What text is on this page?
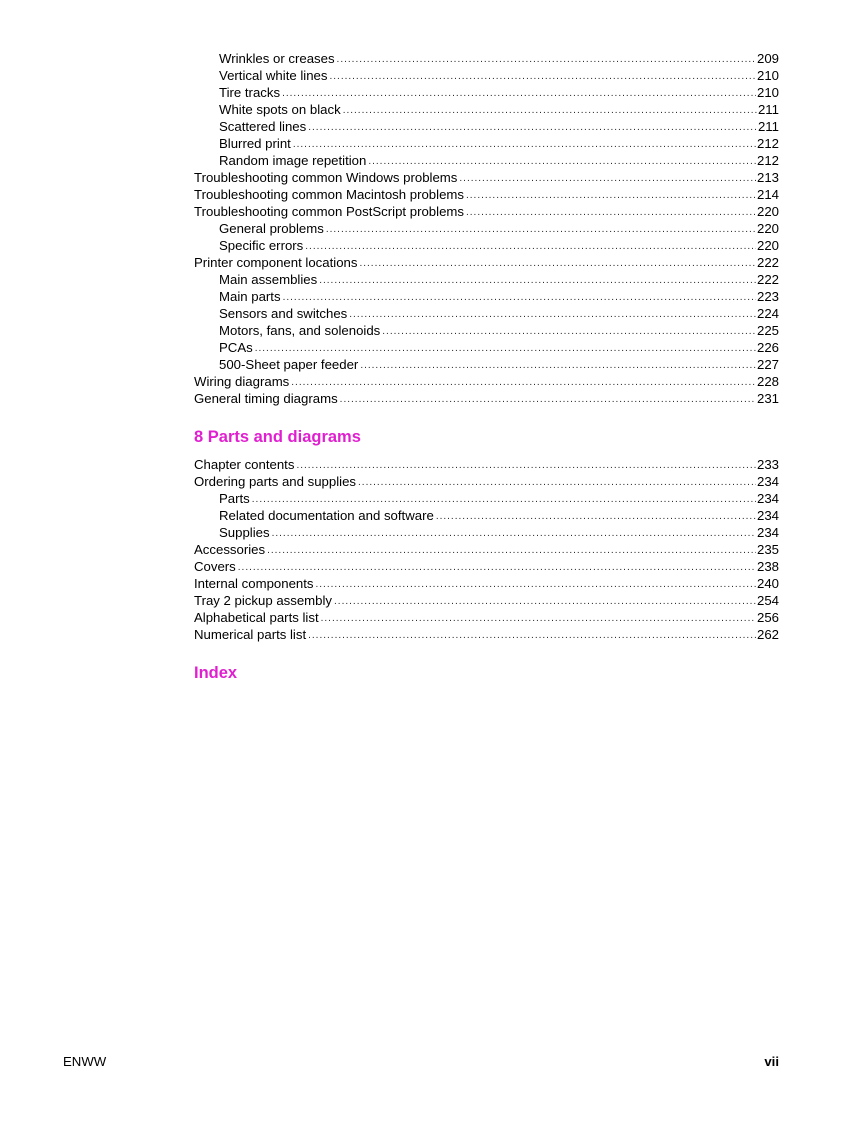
Wrinkles or creases .....	209
Vertical white lines .....	210
Tire tracks .....	210
White spots on black .....	211
Scattered lines .....	211
Blurred print .....	212
Random image repetition .....	212
Troubleshooting common Windows problems .....	213
Troubleshooting common Macintosh problems .....	214
Troubleshooting common PostScript problems .....	220
General problems .....	220
Specific errors .....	220
Printer component locations .....	222
Main assemblies .....	222
Main parts .....	223
Sensors and switches .....	224
Motors, fans, and solenoids .....	225
PCAs .....	226
500-Sheet paper feeder .....	227
Wiring diagrams .....	228
General timing diagrams .....	231
8 Parts and diagrams
Chapter contents .....	233
Ordering parts and supplies .....	234
Parts .....	234
Related documentation and software .....	234
Supplies .....	234
Accessories .....	235
Covers .....	238
Internal components .....	240
Tray 2 pickup assembly .....	254
Alphabetical parts list .....	256
Numerical parts list .....	262
Index
ENWW	vii
